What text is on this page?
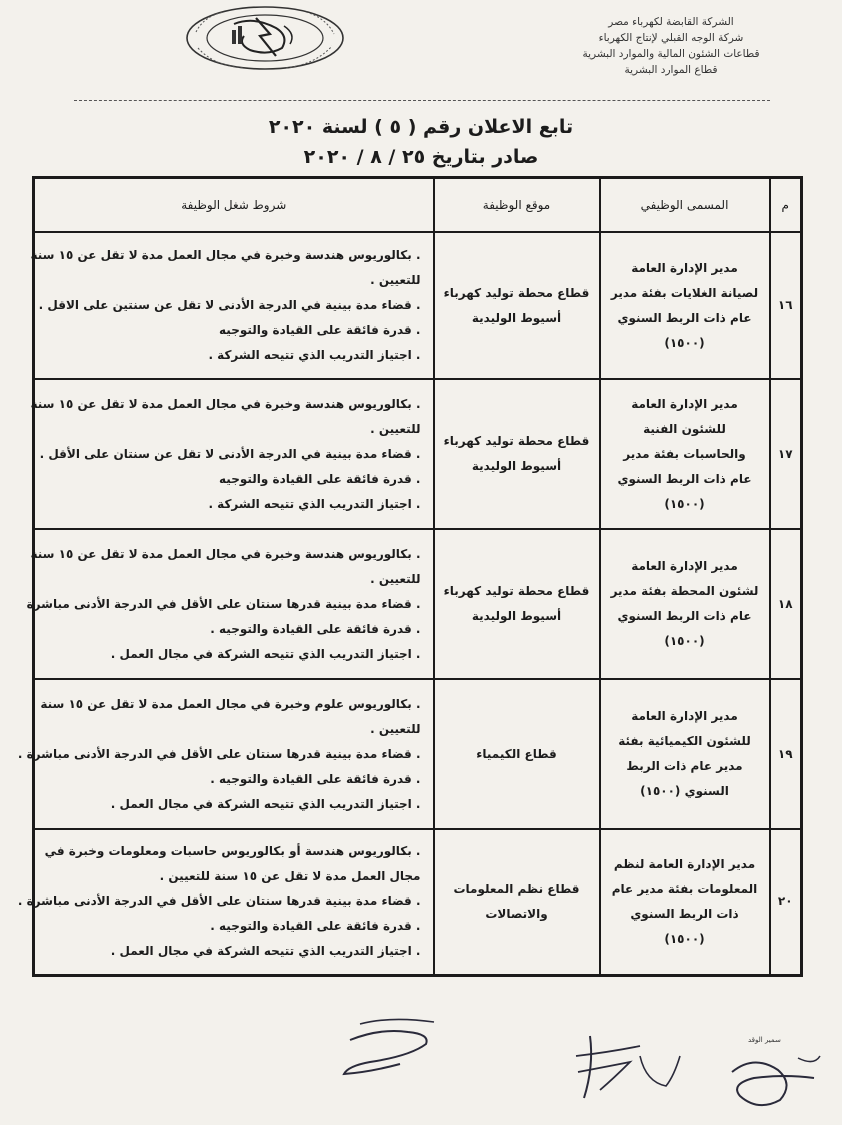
الشركة القابضة لكهرباء مصر
شركة الوجه القبلي لإنتاج الكهرباء
قطاعات الشئون المالية والموارد البشرية
قطاع الموارد البشرية
تابع الاعلان رقم ( ٥ ) لسنة ٢٠٢٠
صادر بتاريخ ٢٥ / ٨ / ٢٠٢٠
م	المسمى الوظيفي	موقع الوظيفة	شروط شغل الوظيفة
١٦	مدير الإدارة العامة لصيانة الغلايات بفئة مدير عام ذات الربط السنوي (١٥٠٠)	قطاع محطة توليد كهرباء أسيوط الوليدية	. بكالوريوس هندسة وخبرة في مجال العمل مدة لا تقل عن ١٥ سنة
للتعيين .
. قضاء مدة بينية في الدرجة الأدنى لا تقل عن سنتين على الاقل .
. قدرة فائقة على القيادة والتوجيه
. اجتياز التدريب الذي تتيحه الشركة .

١٧	مدير الإدارة العامة للشئون الفنية والحاسبات بفئة مدير عام ذات الربط السنوي (١٥٠٠)	قطاع محطة توليد كهرباء أسيوط الوليدية	. بكالوريوس هندسة وخبرة في مجال العمل مدة لا تقل عن ١٥ سنة
للتعيين .
. قضاء مدة بينية في الدرجة الأدنى لا تقل عن سنتان على الأقل .
. قدرة فائقة على القيادة والتوجيه
. اجتياز التدريب الذي تتيحه الشركة .

١٨	مدير الإدارة العامة لشئون المحطة بفئة مدير عام ذات الربط السنوي (١٥٠٠)	قطاع محطة توليد كهرباء أسيوط الوليدية	. بكالوريوس هندسة وخبرة في مجال العمل مدة لا تقل عن ١٥ سنة
للتعيين .
. قضاء مدة بينية قدرها سنتان على الأقل في الدرجة الأدنى مباشرة
. قدرة فائقة على القيادة والتوجيه .
. اجتياز التدريب الذي تتيحه الشركة في مجال العمل .

١٩	مدير الإدارة العامة للشئون الكيميائية بفئة مدير عام ذات الربط السنوي (١٥٠٠)	قطاع الكيمياء	. بكالوريوس علوم وخبرة في مجال العمل مدة لا تقل عن ١٥ سنة
للتعيين .
. قضاء مدة بينية قدرها سنتان على الأقل في الدرجة الأدنى مباشرة .
. قدرة فائقة على القيادة والتوجيه .
. اجتياز التدريب الذي تتيحه الشركة في مجال العمل .

٢٠	مدير الإدارة العامة لنظم المعلومات بفئة مدير عام ذات الربط السنوي (١٥٠٠)	قطاع نظم المعلومات والاتصالات	. بكالوريوس هندسة أو بكالوريوس حاسبات ومعلومات وخبرة في
مجال العمل مدة لا تقل عن ١٥ سنة للتعيين .
. قضاء مدة بينية قدرها سنتان على الأقل في الدرجة الأدنى مباشرة .
. قدرة فائقة على القيادة والتوجيه .
. اجتياز التدريب الذي تتيحه الشركة في مجال العمل .
سمير الوقد
